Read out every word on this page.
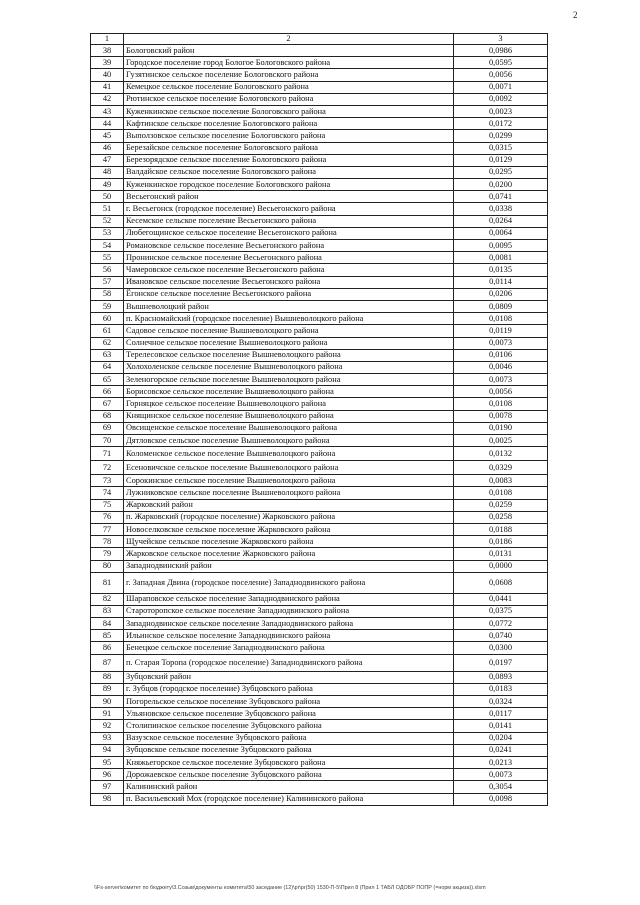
2
1	2	3
38	Бологовский район	0,0986
39	Городское поселение город Бологое Бологовского района	0,0595
40	Гузятинское сельское поселение Бологовского района	0,0056
41	Кемецкое сельское поселение Бологовского района	0,0071
42	Рютинское сельское поселение Бологовского района	0,0092
43	Куженкинское сельское поселение Бологовского района	0,0023
44	Кафтинское сельское поселение Бологовского района	0,0172
45	Выползовское сельское поселение Бологовского района	0,0299
46	Березайское сельское поселение Бологовского района	0,0315
47	Березорядское сельское поселение Бологовского района	0,0129
48	Валдайское сельское поселение Бологовского района	0,0295
49	Куженкинское городское поселение Бологовского района	0,0200
50	Весьегонский район	0,0741
51	г. Весьегонск (городское поселение) Весьегонского района	0,0338
52	Кесемское сельское поселение Весьегонского района	0,0264
53	Любегощинское сельское поселение Весьегонского района	0,0064
54	Романовское сельское поселение Весьегонского района	0,0095
55	Пронинское сельское поселение Весьегонского района	0,0081
56	Чамеровское сельское поселение Весьегонского района	0,0135
57	Ивановское сельское поселение Весьегонского района	0,0114
58	Ёгонское сельское поселение Весьегонского района	0,0206
59	Вышневолоцкий район	0,0809
60	п. Красномайский (городское поселение) Вышневолоцкого района	0,0108
61	Садовое сельское поселение Вышневолоцкого района	0,0119
62	Солнечное сельское поселение Вышневолоцкого района	0,0073
63	Терелесовское сельское поселение Вышневолоцкого района	0,0106
64	Холохоленское сельское поселение Вышневолоцкого района	0,0046
65	Зеленогорское сельское поселение Вышневолоцкого района	0,0073
66	Борисовское сельское поселение Вышневолоцкого района	0,0056
67	Горняцкое сельское поселение Вышневолоцкого района	0,0108
68	Княщинское сельское поселение Вышневолоцкого района	0,0078
69	Овсищенское сельское поселение Вышневолоцкого района	0,0190
70	Дятловское сельское поселение Вышневолоцкого района	0,0025
71	Коломенское сельское поселение Вышневолоцкого района	0,0132
72	Есеновичское сельское поселение Вышневолоцкого района	0,0329
73	Сорокинское сельское поселение Вышневолоцкого района	0,0083
74	Лужниковское сельское поселение Вышневолоцкого района	0,0108
75	Жарковский район	0,0259
76	п. Жарковский (городское поселение) Жарковского района	0,0258
77	Новоселковское сельское поселение Жарковского района	0,0188
78	Щучейское сельское поселение Жарковского района	0,0186
79	Жарковское сельское поселение Жарковского района	0,0131
80	Западнодвинский район	0,0000
81	г. Западная Двина (городское поселение) Западнодвинского района	0,0608
82	Шараповское сельское поселение Западнодвинского района	0,0441
83	Староторопское сельское поселение Западнодвинского района	0,0375
84	Западнодвинское сельское поселение Западнодвинского района	0,0772
85	Ильинское сельское поселение Западнодвинского района	0,0740
86	Бенецкое сельское поселение Западнодвинского района	0,0300
87	п. Старая Торопа (городское поселение) Западнодвинского района	0,0197
88	Зубцовский район	0,0893
89	г. Зубцов (городское поселение) Зубцовского района	0,0183
90	Погорельское сельское поселение Зубцовского района	0,0324
91	Ульяновское сельское поселение Зубцовского района	0,0117
92	Столипинское сельское поселение Зубцовского района	0,0141
93	Вазузское сельское поселение Зубцовского района	0,0204
94	Зубцовское сельское поселение Зубцовского района	0,0241
95	Княжьегорское сельское поселение Зубцовского района	0,0213
96	Дорожаевское сельское поселение Зубцовского района	0,0073
97	Калининский район	0,3054
98	п. Васильевский Мох (городское поселение) Калининского района	0,0098
\\Fs-server\комитет по бюджету\3.Созыв\документы комитета\50 заседание (12)\pr\pr(50) 1530-П-5\Прил 8 (Прил 1 ТАБЛ ОДОБР ПОПР (=норм акциза)).xlsm
